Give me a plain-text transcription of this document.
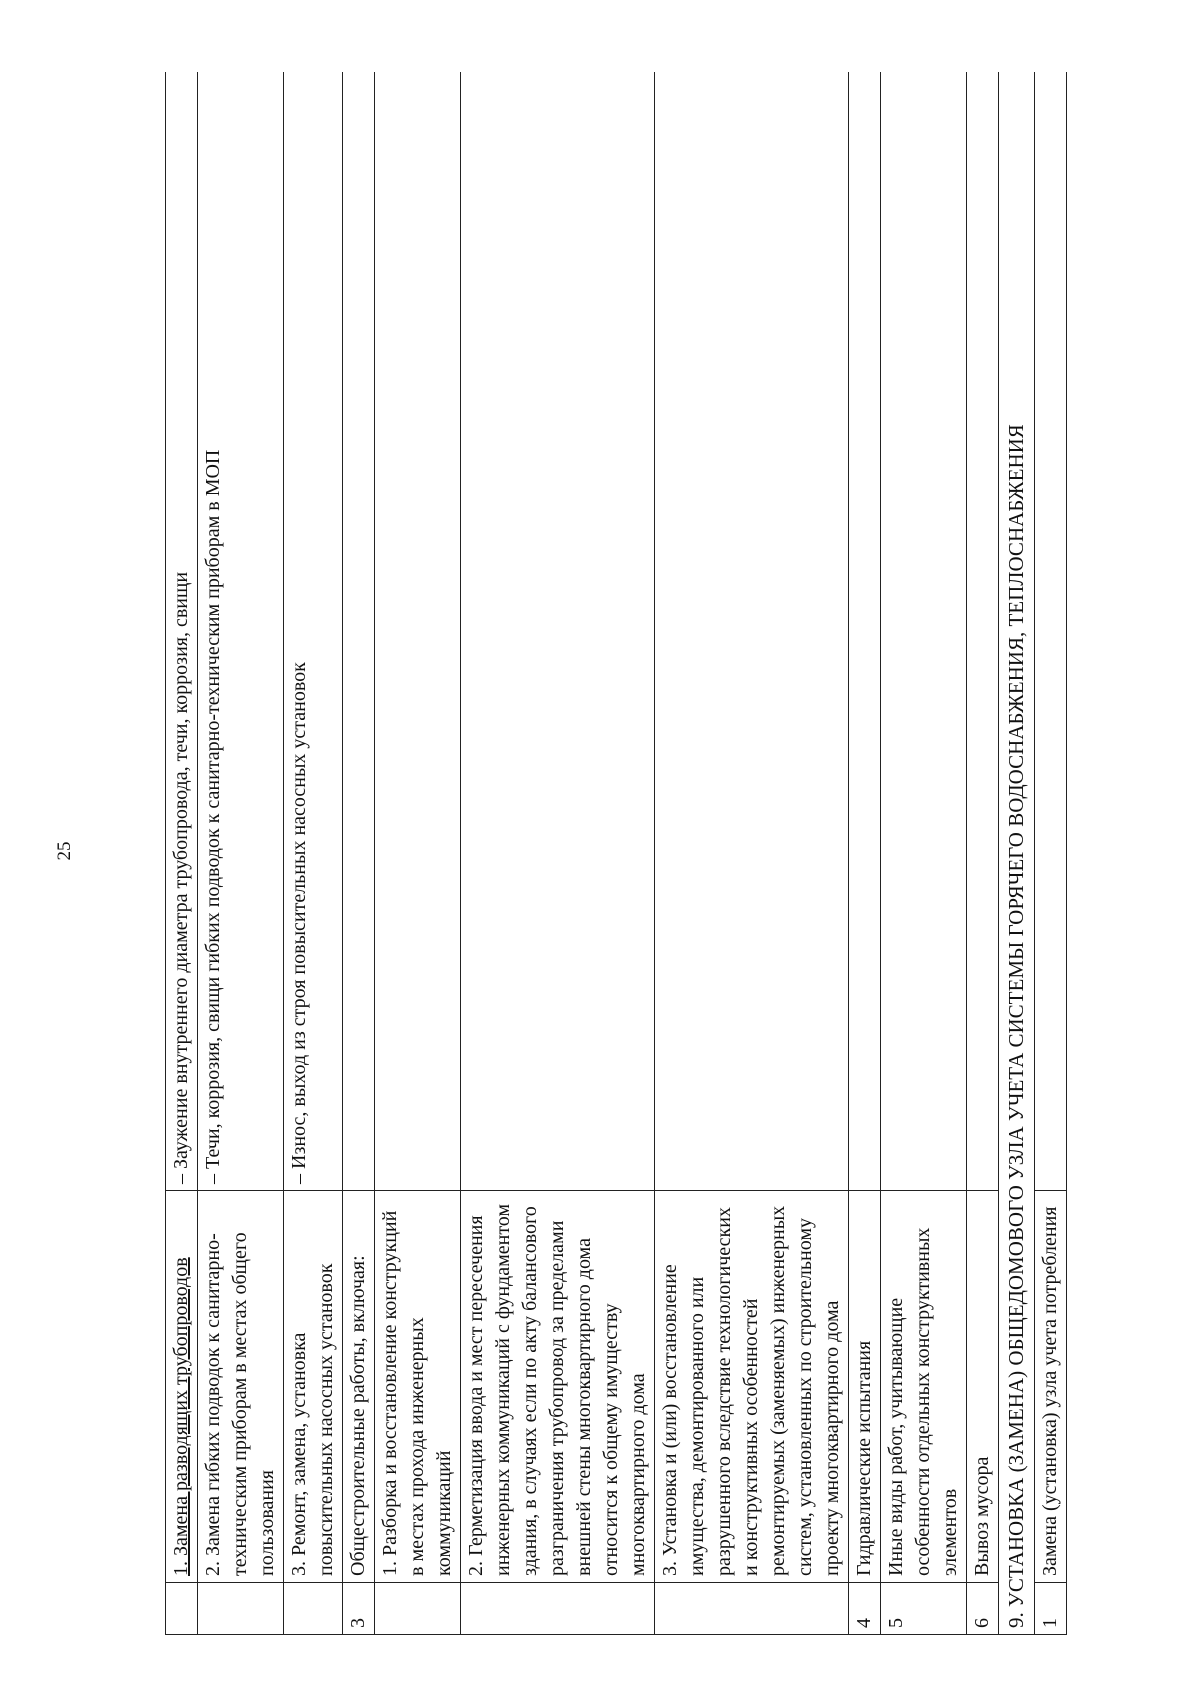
25
	1. Замена разводящих трубопроводов	– Заужение внутреннего диаметра трубопровода, течи, коррозия, свищи
	2. Замена гибких подводок к санитарно-техническим приборам в местах общего пользования	– Течи, коррозия, свищи гибких подводок к санитарно-техническим приборам в МОП
	3. Ремонт, замена, установка повысительных насосных установок	– Износ, выход из строя повысительных насосных установок
3	Общестроительные работы, включая:	
	1. Разборка и восстановление конструкций в местах прохода инженерных коммуникаций	
	2. Герметизация ввода и мест пересечения инженерных коммуникаций с фундаментом здания, в случаях если по акту балансового разграничения трубопровод за пределами внешней стены многоквартирного дома относится к общему имуществу многоквартирного дома	
	3. Установка и (или) восстановление имущества, демонтированного или разрушенного вследствие технологических и конструктивных особенностей ремонтируемых (заменяемых) инженерных систем, установленных по строительному проекту многоквартирного дома	
4	Гидравлические испытания	
5	Иные виды работ, учитывающие особенности отдельных конструктивных элементов	
6	Вывоз мусора	
9. УСТАНОВКА (ЗАМЕНА) ОБЩЕДОМОВОГО УЗЛА УЧЕТА СИСТЕМЫ ГОРЯЧЕГО ВОДОСНАБЖЕНИЯ, ТЕПЛОСНАБЖЕНИЯ		
1	Замена (установка) узла учета потребления	
